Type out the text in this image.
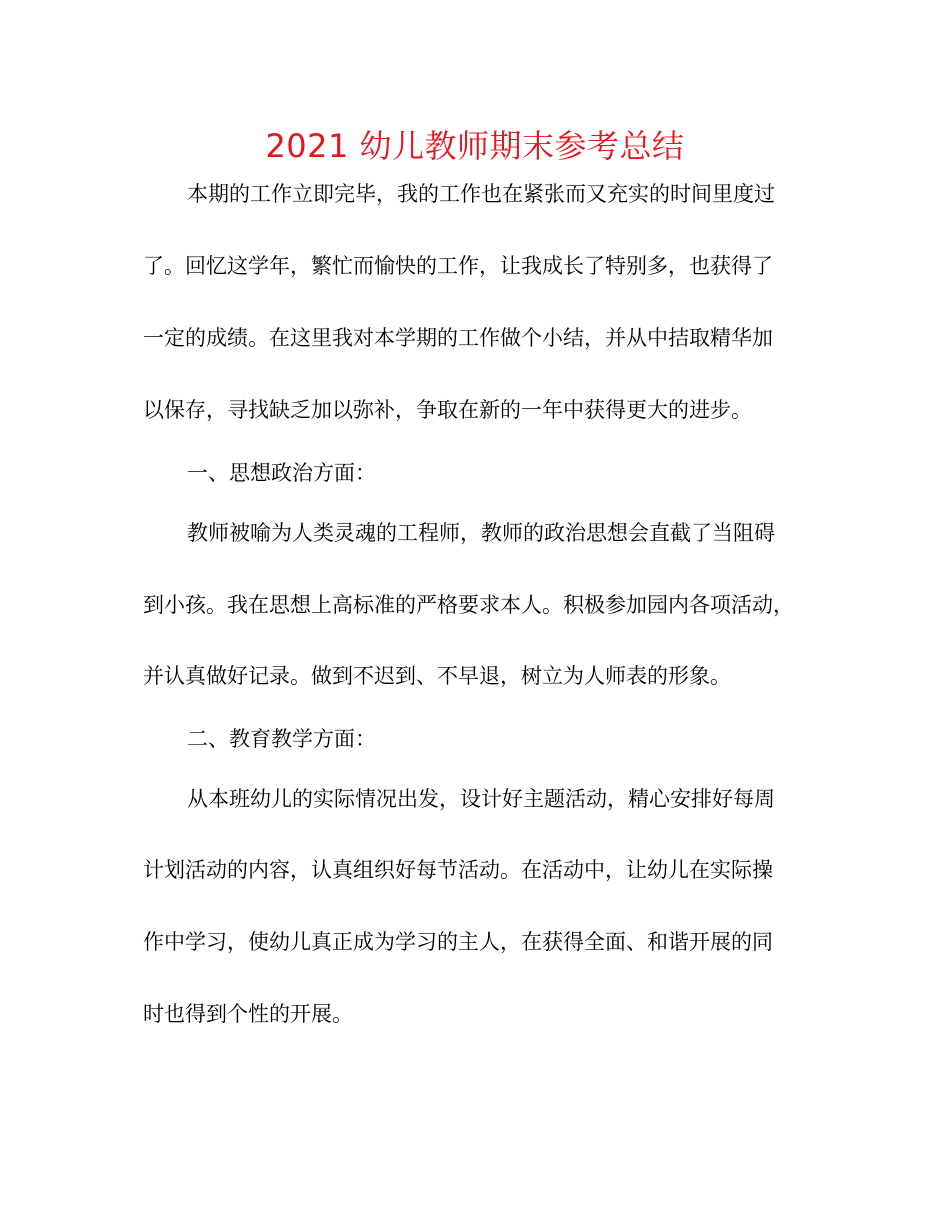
2021 幼儿教师期末参考总结

本期的工作立即完毕，我的工作也在紧张而又充实的时间里度过

了。回忆这学年，繁忙而愉快的工作，让我成长了特别多，也获得了

一定的成绩。在这里我对本学期的工作做个小结，并从中拮取精华加

以保存，寻找缺乏加以弥补，争取在新的一年中获得更大的进步。

一、思想政治方面：

教师被喻为人类灵魂的工程师，教师的政治思想会直截了当阻碍

到小孩。我在思想上高标准的严格要求本人。积极参加园内各项活动，

并认真做好记录。做到不迟到、不早退，树立为人师表的形象。

二、教育教学方面：

从本班幼儿的实际情况出发，设计好主题活动，精心安排好每周

计划活动的内容，认真组织好每节活动。在活动中，让幼儿在实际操

作中学习，使幼儿真正成为学习的主人，在获得全面、和谐开展的同

时也得到个性的开展。
